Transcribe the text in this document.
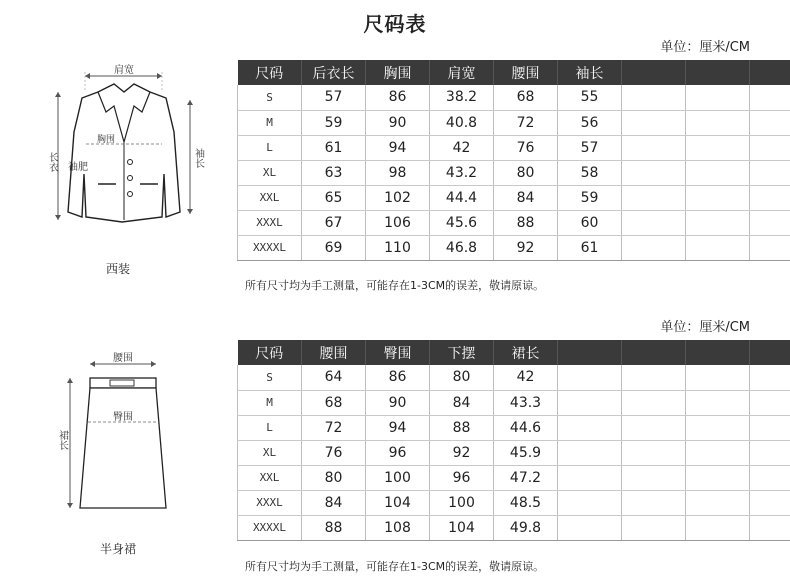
尺码表
单位：厘米/CM
肩宽
胸围
长衣 袖肥	袖长
西装
尺码	后衣长	胸围	肩宽	腰围	袖长			
S	57	86	38.2	68	55			
M	59	90	40.8	72	56			
L	61	94	42	76	57			
XL	63	98	43.2	80	58			
XXL	65	102	44.4	84	59			
XXXL	67	106	45.6	88	60			
XXXXL	69	110	46.8	92	61			
所有尺寸均为手工测量，可能存在1-3CM的误差，敬请原谅。
单位：厘米/CM
腰围
臀围
裙长
半身裙
尺码	腰围	臀围	下摆	裙长				
S	64	86	80	42				
M	68	90	84	43.3				
L	72	94	88	44.6				
XL	76	96	92	45.9				
XXL	80	100	96	47.2				
XXXL	84	104	100	48.5				
XXXXL	88	108	104	49.8				
所有尺寸均为手工测量，可能存在1-3CM的误差，敬请原谅。
